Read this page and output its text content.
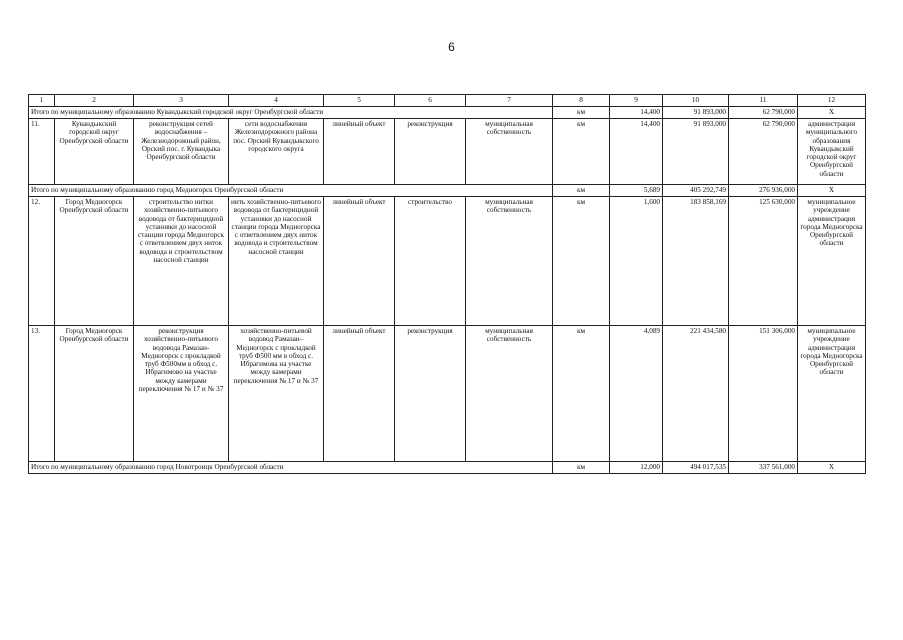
6
1	2	3	4	5	6	7	8	9	10	11	12
Итого по муниципальному образованию Кувандыкский городской округ Оренбургской области							км	14,400	91 893,000	62 790,000	Х
11.	Кувандыкский городской округ Оренбургской области	реконструкция сетей водоснабжения – Железнодорожный район, Орский пос. г. Кувандыка Оренбургской области	сети водоснабжения Железнодорожного района пос. Орский Кувандыкского городского округа	линейный объект	реконструкция	муниципальная собственность	км	14,400	91 893,000	62 790,000	администрация муниципального образования Кувандыкский городской округ Оренбургской области
Итого по муниципальному образованию город Медногорск Оренбургской области							км	5,689	405 292,749	276 936,000	Х
12.	Город Медногорск Оренбургской области	строительство нитки хозяйственно-питьевого водовода от бактерицидной установки до насосной станции города Медногорск с ответвлением двух ниток водовода и строительством насосной станции	нить хозяйственно-питьевого водовода от бактерицидной установки до насосной станции города Медногорска с ответвлением двух ниток водовода и строительством насосной станции	линейный объект	строительство	муниципальная собственность	км	1,600	183 858,169	125 630,000	муниципальное учреждение администрация города Медногорска Оренбургской области
13.	Город Медногорск Оренбургской области	реконструкция хозяйственно-питьевого водовода Рамазан-Медногорск с прокладкой труб Ф500мм в обход с. Ибрагимово на участке между камерами переключения № 17 и № 37	хозяйственно-питьевой водовод Рамазан–Медногорск с прокладкой труб Ф500 мм в обход с. Ибрагимова на участке между камерами переключения № 17 и № 37	линейный объект	реконструкция	муниципальная собственность	км	4,089	221 434,580	151 306,000	муниципальное учреждение администрация города Медногорска Оренбургской области
Итого по муниципальному образованию город Новотроицк Оренбургской области							км	12,000	494 017,535	337 561,000	Х
